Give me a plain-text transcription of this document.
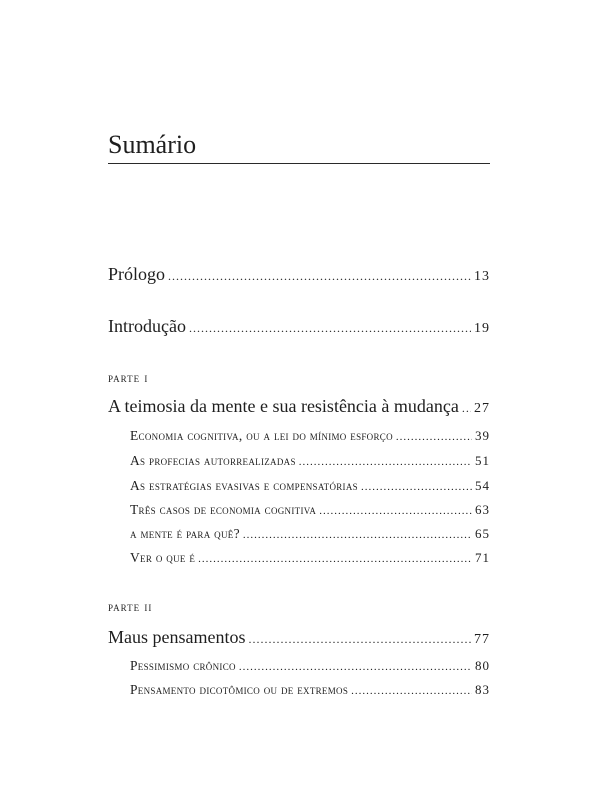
Sumário
Prólogo .....	13
Introdução .....	19
parte i
A teimosia da mente e sua resistência à mudança ..... 27
Economia cognitiva, ou a lei do mínimo esforço .....	39
As profecias autorrealizadas .....	51
As estratégias evasivas e compensatórias .....	54
Três casos de economia cognitiva .....	63
a mente é para quê? .....	65
Ver o que é .....	71
parte ii
Maus pensamentos .....	77
Pessimismo crônico .....	80
Pensamento dicotômico ou de extremos .....	83
